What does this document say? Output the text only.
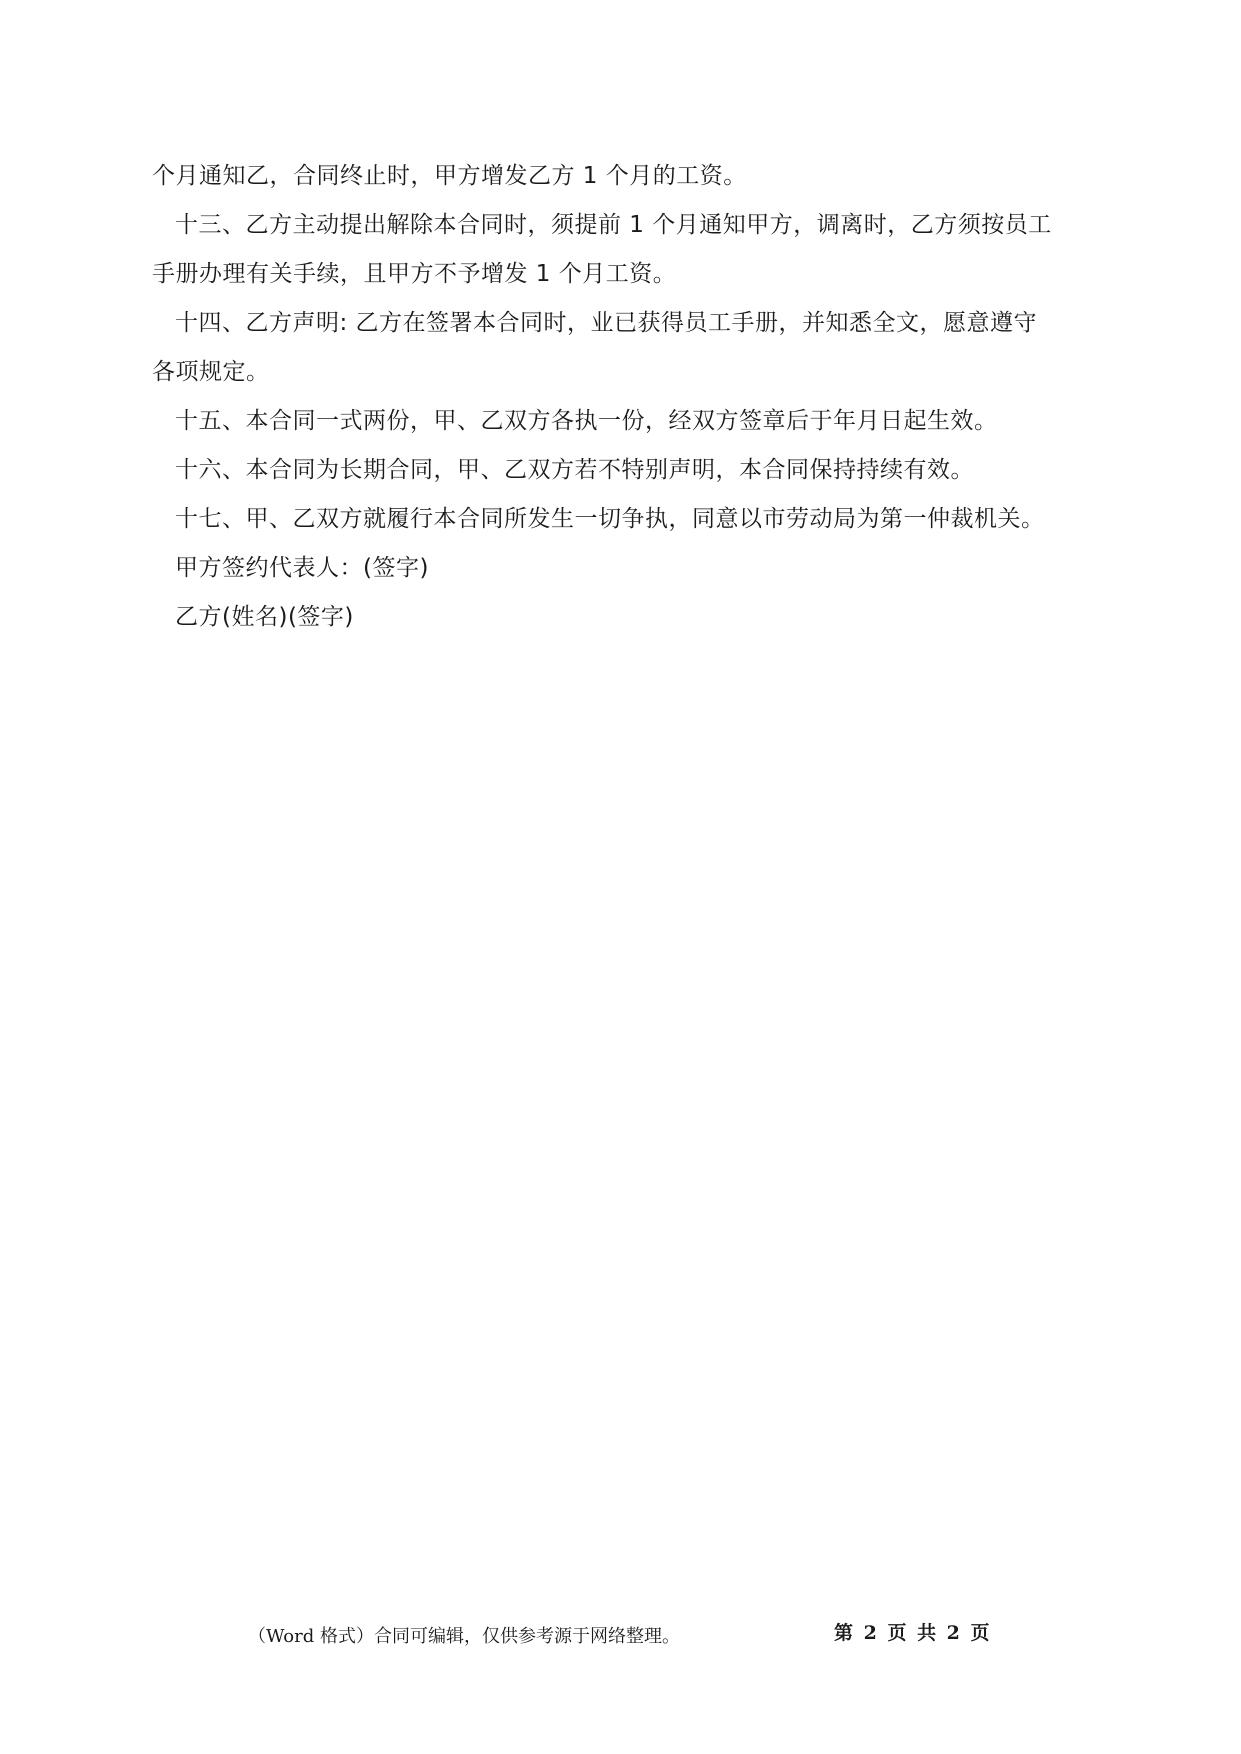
个月通知乙，合同终止时，甲方增发乙方 1 个月的工资。
十三、乙方主动提出解除本合同时，须提前 1 个月通知甲方，调离时，乙方须按员工
手册办理有关手续，且甲方不予增发 1 个月工资。
十四、乙方声明: 乙方在签署本合同时，业已获得员工手册，并知悉全文，愿意遵守
各项规定。
十五、本合同一式两份，甲、乙双方各执一份，经双方签章后于年月日起生效。
十六、本合同为长期合同，甲、乙双方若不特别声明，本合同保持持续有效。
十七、甲、乙双方就履行本合同所发生一切争执，同意以市劳动局为第一仲裁机关。
甲方签约代表人：(签字)
乙方(姓名)(签字)
（Word 格式）合同可编辑，仅供参考源于网络整理。	第 2 页 共 2 页
